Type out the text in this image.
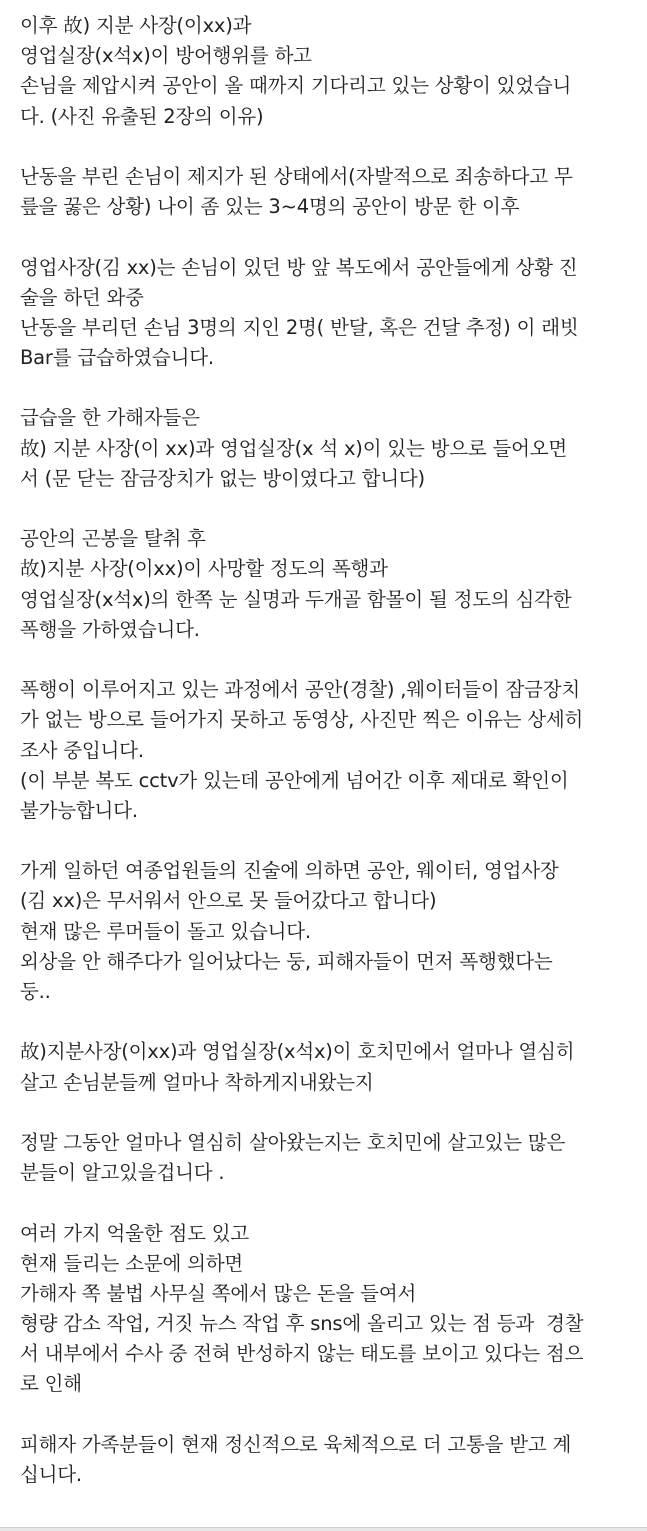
이후 故) 지분 사장(이xx)과
영업실장(x석x)이 방어행위를 하고
손님을 제압시켜 공안이 올 때까지 기다리고 있는 상황이 있었습니
다. (사진 유출된 2장의 이유)
난동을 부린 손님이 제지가 된 상태에서(자발적으로 죄송하다고 무
릎을 꿇은 상황) 나이 좀 있는 3~4명의 공안이 방문 한 이후
영업사장(김 xx)는 손님이 있던 방 앞 복도에서 공안들에게 상황 진
술을 하던 와중
난동을 부리던 손님 3명의 지인 2명( 반달, 혹은 건달 추정) 이 래빗
Bar를 급습하였습니다.
급습을 한 가해자들은
故) 지분 사장(이 xx)과 영업실장(x 석 x)이 있는 방으로 들어오면
서 (문 닫는 잠금장치가 없는 방이였다고 합니다)
공안의 곤봉을 탈취 후
故)지분 사장(이xx)이 사망할 정도의 폭행과
영업실장(x석x)의 한쪽 눈 실명과 두개골 함몰이 될 정도의 심각한
폭행을 가하였습니다.
폭행이 이루어지고 있는 과정에서 공안(경찰) ,웨이터들이 잠금장치
가 없는 방으로 들어가지 못하고 동영상, 사진만 찍은 이유는 상세히
조사 중입니다.
(이 부분 복도 cctv가 있는데 공안에게 넘어간 이후 제대로 확인이
불가능합니다.
가게 일하던 여종업원들의 진술에 의하면 공안, 웨이터, 영업사장
(김 xx)은 무서워서 안으로 못 들어갔다고 합니다)
현재 많은 루머들이 돌고 있습니다.
외상을 안 해주다가 일어났다는 둥, 피해자들이 먼저 폭행했다는
둥..
故)지분사장(이xx)과 영업실장(x석x)이 호치민에서 얼마나 열심히
살고 손님분들께 얼마나 착하게지내왔는지
정말 그동안 얼마나 열심히 살아왔는지는 호치민에 살고있는 많은
분들이 알고있을겁니다 .
여러 가지 억울한 점도 있고
현재 들리는 소문에 의하면
가해자 쪽 불법 사무실 쪽에서 많은 돈을 들여서
형량 감소 작업, 거짓 뉴스 작업 후 sns에 올리고 있는 점 등과  경찰
서 내부에서 수사 중 전혀 반성하지 않는 태도를 보이고 있다는 점으
로 인해
피해자 가족분들이 현재 정신적으로 육체적으로 더 고통을 받고 계
십니다.
